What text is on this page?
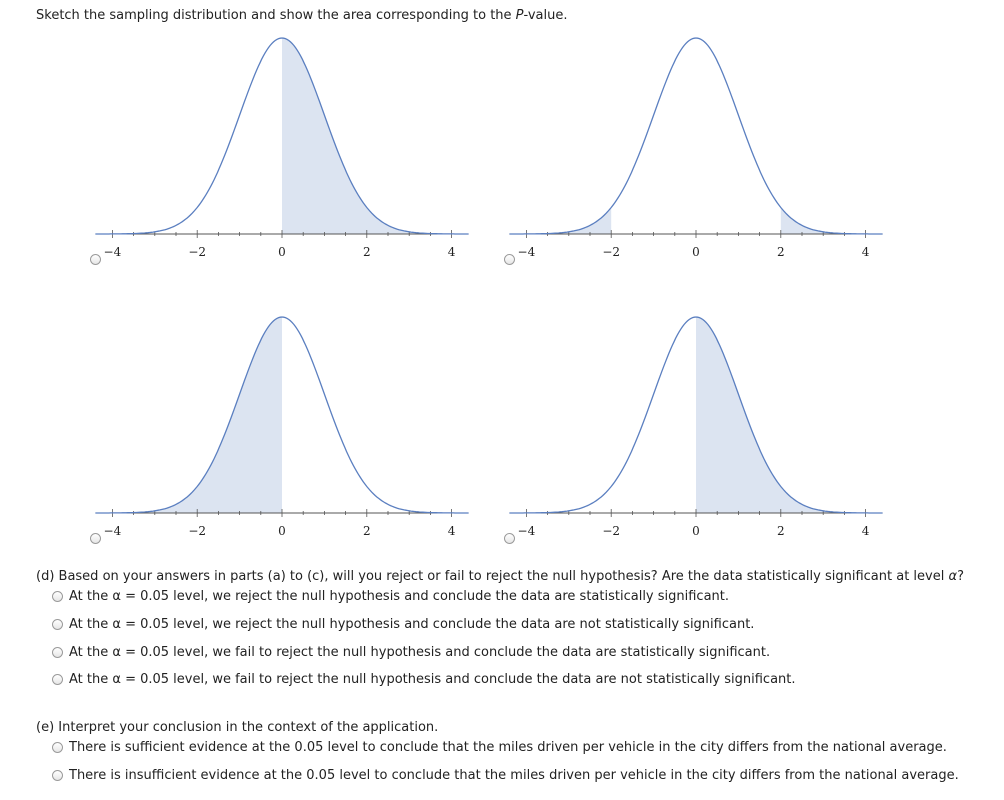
Sketch the sampling distribution and show the area corresponding to the P-value.
−4	−2	0	2	4	−4	−2	0	2	4
−4	−2	0	2	4	−4	−2	0	2	4
(d) Based on your answers in parts (a) to (c), will you reject or fail to reject the null hypothesis? Are the data statistically significant at level α?
At the α = 0.05 level, we reject the null hypothesis and conclude the data are statistically significant.
At the α = 0.05 level, we reject the null hypothesis and conclude the data are not statistically significant.
At the α = 0.05 level, we fail to reject the null hypothesis and conclude the data are statistically significant.
At the α = 0.05 level, we fail to reject the null hypothesis and conclude the data are not statistically significant.
(e) Interpret your conclusion in the context of the application.
There is sufficient evidence at the 0.05 level to conclude that the miles driven per vehicle in the city differs from the national average.
There is insufficient evidence at the 0.05 level to conclude that the miles driven per vehicle in the city differs from the national average.
